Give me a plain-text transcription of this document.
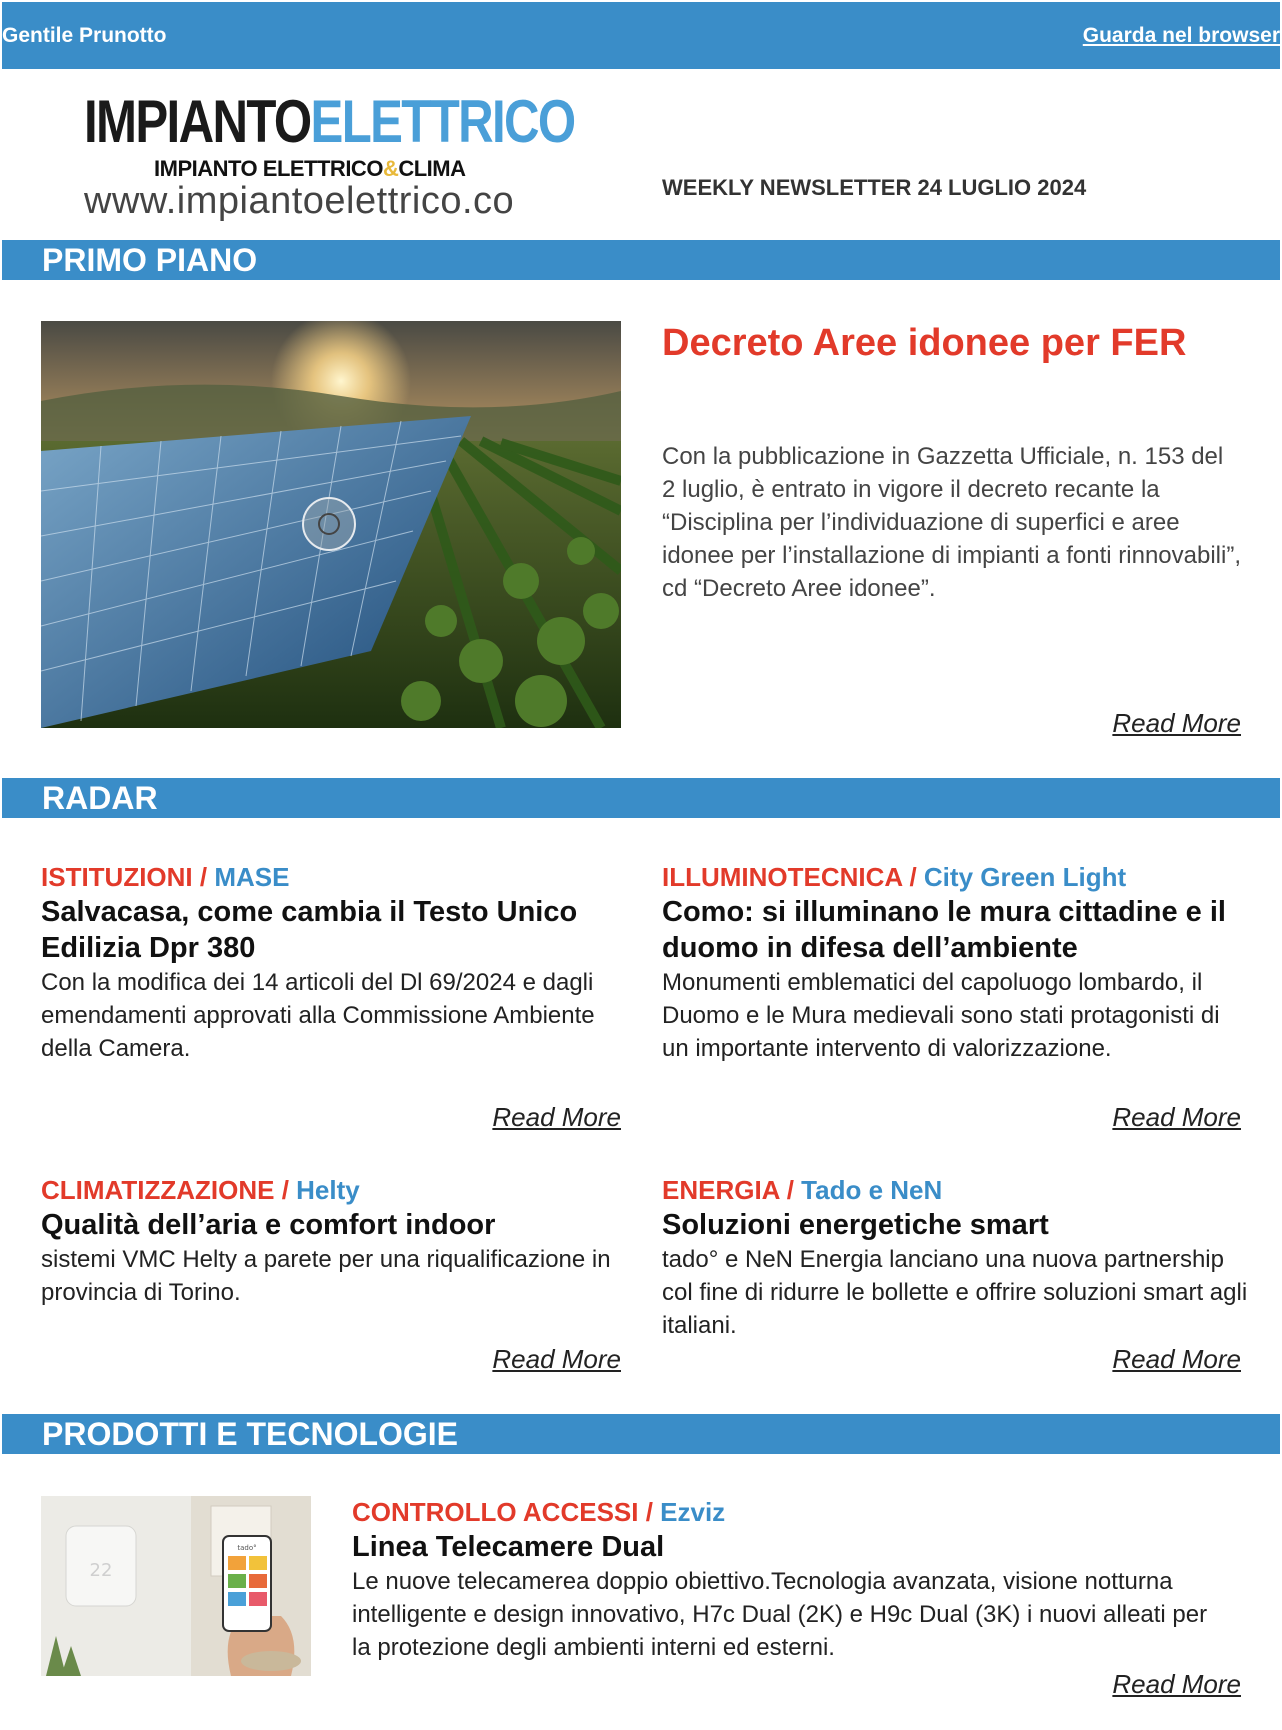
Gentile Prunotto	Guarda nel browser
IMPIANTOELETTRICO
IMPIANTO ELETTRICO&CLIMA
www.impiantoelettrico.co	WEEKLY NEWSLETTER 24 LUGLIO 2024
PRIMO PIANO
Decreto Aree idonee per FER
Con la pubblicazione in Gazzetta Ufficiale, n. 153 del 2 luglio, è entrato in vigore il decreto recante la “Disciplina per l’individuazione di superfici e aree idonee per l’installazione di impianti a fonti rinnovabili”, cd “Decreto Aree idonee”.
Read More
RADAR
ISTITUZIONI / MASE
Salvacasa, come cambia il Testo Unico Edilizia Dpr 380
Con la modifica dei 14 articoli del Dl 69/2024 e dagli emendamenti approvati alla Commissione Ambiente della Camera.
Read More
ILLUMINOTECNICA / City Green Light
Como: si illuminano le mura cittadine e il duomo in difesa dell’ambiente
Monumenti emblematici del capoluogo lombardo, il Duomo e le Mura medievali sono stati protagonisti di un importante intervento di valorizzazione.
Read More
CLIMATIZZAZIONE / Helty
Qualità dell’aria e comfort indoor
sistemi VMC Helty a parete per una riqualificazione in provincia di Torino.
Read More
ENERGIA / Tado e NeN
Soluzioni energetiche smart
tado° e NeN Energia lanciano una nuova partnership col fine di ridurre le bollette e offrire soluzioni smart agli italiani.
Read More
PRODOTTI E TECNOLOGIE
22
tado°
CONTROLLO ACCESSI / Ezviz
Linea Telecamere Dual
Le nuove telecamerea doppio obiettivo.Tecnologia avanzata, visione notturna intelligente e design innovativo, H7c Dual (2K) e H9c Dual (3K) i nuovi alleati per la protezione degli ambienti interni ed esterni.
Read More
